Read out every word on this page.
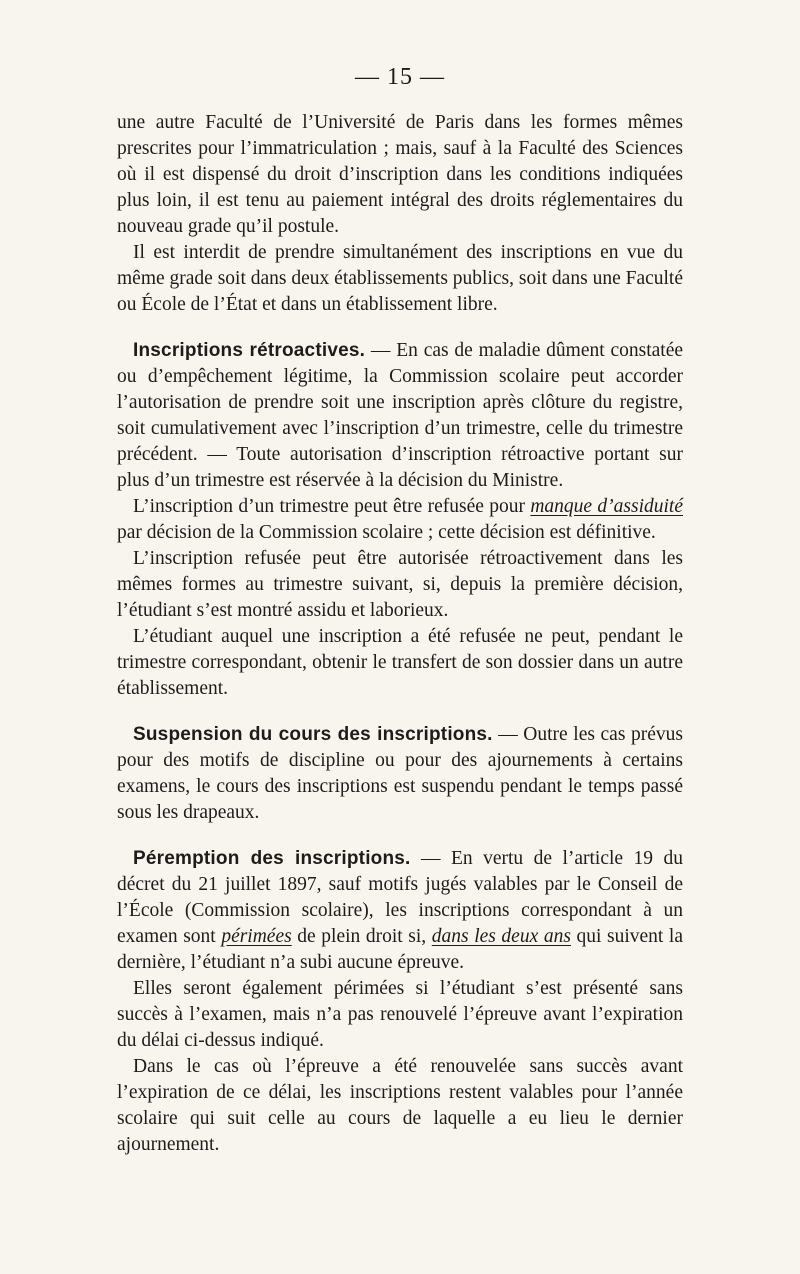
— 15 —

une autre Faculté de l’Université de Paris dans les formes mêmes prescrites pour l’immatriculation ; mais, sauf à la Faculté des Sciences où il est dispensé du droit d’inscription dans les conditions indiquées plus loin, il est tenu au paiement intégral des droits réglementaires du nouveau grade qu’il postule.

Il est interdit de prendre simultanément des inscriptions en vue du même grade soit dans deux établissements publics, soit dans une Faculté ou École de l’État et dans un établissement libre.

Inscriptions rétroactives. — En cas de maladie dûment constatée ou d’empêchement légitime, la Commission scolaire peut accorder l’autorisation de prendre soit une inscription après clôture du registre, soit cumulativement avec l’inscription d’un trimestre, celle du trimestre précédent. — Toute autorisation d’inscription rétroactive portant sur plus d’un trimestre est réservée à la décision du Ministre.

L’inscription d’un trimestre peut être refusée pour manque d’assiduité par décision de la Commission scolaire ; cette décision est définitive.

L’inscription refusée peut être autorisée rétroactivement dans les mêmes formes au trimestre suivant, si, depuis la première décision, l’étudiant s’est montré assidu et laborieux.

L’étudiant auquel une inscription a été refusée ne peut, pendant le trimestre correspondant, obtenir le transfert de son dossier dans un autre établissement.

Suspension du cours des inscriptions. — Outre les cas prévus pour des motifs de discipline ou pour des ajournements à certains examens, le cours des inscriptions est suspendu pendant le temps passé sous les drapeaux.

Péremption des inscriptions. — En vertu de l’article 19 du décret du 21 juillet 1897, sauf motifs jugés valables par le Conseil de l’École (Commission scolaire), les inscriptions correspondant à un examen sont périmées de plein droit si, dans les deux ans qui suivent la dernière, l’étudiant n’a subi aucune épreuve.

Elles seront également périmées si l’étudiant s’est présenté sans succès à l’examen, mais n’a pas renouvelé l’épreuve avant l’expiration du délai ci-dessus indiqué.

Dans le cas où l’épreuve a été renouvelée sans succès avant l’expiration de ce délai, les inscriptions restent valables pour l’année scolaire qui suit celle au cours de laquelle a eu lieu le dernier ajournement.
